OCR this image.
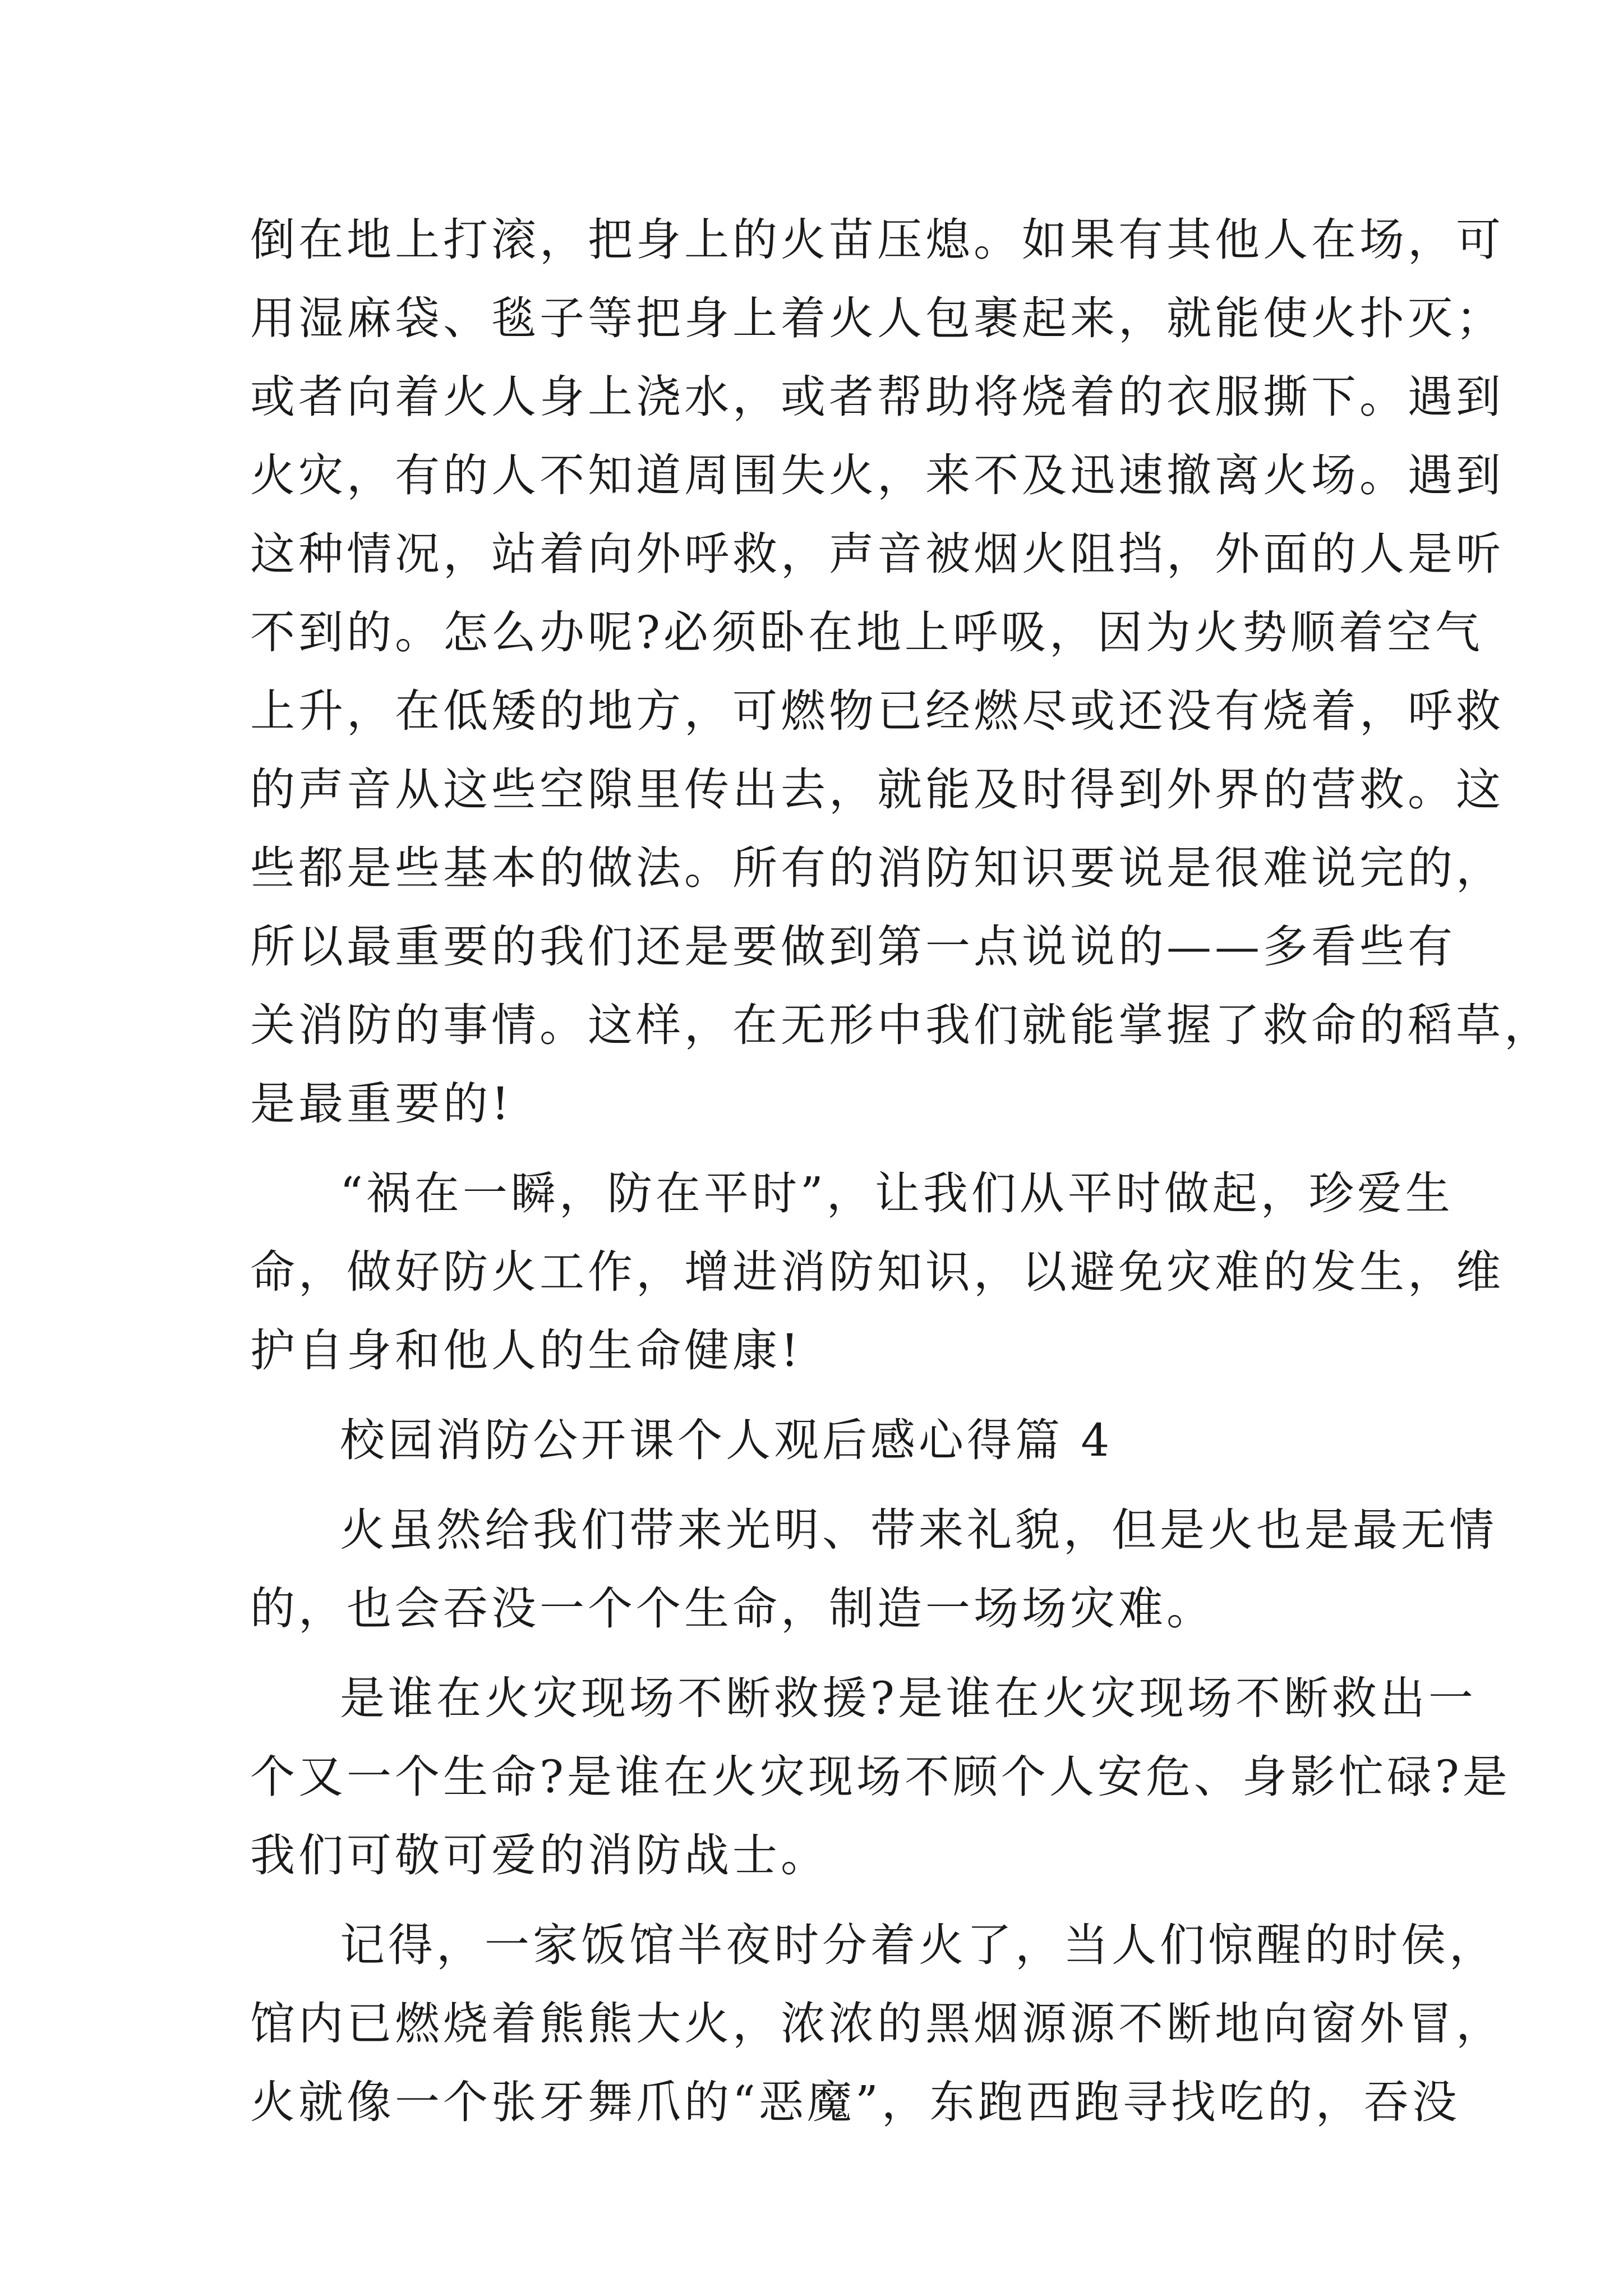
倒在地上打滚，把身上的火苗压熄。如果有其他人在场，可
用湿麻袋、毯子等把身上着火人包裹起来，就能使火扑灭；
或者向着火人身上浇水，或者帮助将烧着的衣服撕下。遇到
火灾，有的人不知道周围失火，来不及迅速撤离火场。遇到
这种情况，站着向外呼救，声音被烟火阻挡，外面的人是听
不到的。怎么办呢?必须卧在地上呼吸，因为火势顺着空气
上升，在低矮的地方，可燃物已经燃尽或还没有烧着，呼救
的声音从这些空隙里传出去，就能及时得到外界的营救。这
些都是些基本的做法。所有的消防知识要说是很难说完的，
所以最重要的我们还是要做到第一点说说的——多看些有
关消防的事情。这样，在无形中我们就能掌握了救命的稻草，
是最重要的!
“祸在一瞬，防在平时”，让我们从平时做起，珍爱生
命，做好防火工作，增进消防知识，以避免灾难的发生，维
护自身和他人的生命健康!
校园消防公开课个人观后感心得篇 4
火虽然给我们带来光明、带来礼貌，但是火也是最无情
的，也会吞没一个个生命，制造一场场灾难。
是谁在火灾现场不断救援?是谁在火灾现场不断救出一
个又一个生命?是谁在火灾现场不顾个人安危、身影忙碌?是
我们可敬可爱的消防战士。
记得，一家饭馆半夜时分着火了，当人们惊醒的时侯，
馆内已燃烧着熊熊大火，浓浓的黑烟源源不断地向窗外冒，
火就像一个张牙舞爪的“恶魔”，东跑西跑寻找吃的，吞没
